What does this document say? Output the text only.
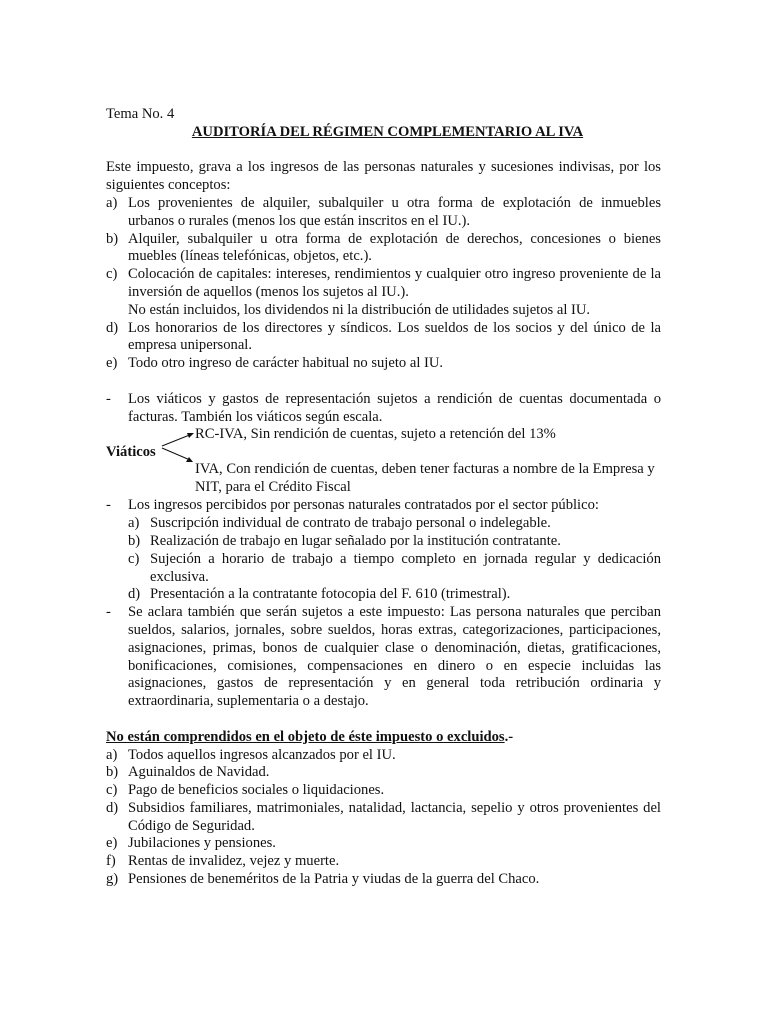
Tema No. 4
AUDITORÍA DEL RÉGIMEN COMPLEMENTARIO AL IVA
Este impuesto, grava a los ingresos de las personas naturales y sucesiones indivisas, por los siguientes conceptos:
a) Los provenientes de alquiler, subalquiler u otra forma de explotación de inmuebles urbanos o rurales (menos los que están inscritos en el IU.).
b) Alquiler, subalquiler u otra forma de explotación de derechos, concesiones o bienes muebles (líneas telefónicas, objetos, etc.).
c) Colocación de capitales: intereses, rendimientos y cualquier otro ingreso proveniente de la inversión de aquellos (menos los sujetos al IU.).
No están incluidos, los dividendos ni la distribución de utilidades sujetos al IU.
d) Los honorarios de los directores y síndicos. Los sueldos de los socios y del único de la empresa unipersonal.
e) Todo otro ingreso de carácter habitual no sujeto al IU.
-	Los viáticos y gastos de representación sujetos a rendición de cuentas documentada o facturas. También los viáticos según escala.
Viáticos
RC-IVA, Sin rendición de cuentas, sujeto a retención del 13%
IVA, Con rendición de cuentas, deben tener facturas a nombre de la Empresa y NIT, para el Crédito Fiscal
-	Los ingresos percibidos por personas naturales contratados por el sector público:
a) Suscripción individual de contrato de trabajo personal o indelegable.
b) Realización de trabajo en lugar señalado por la institución contratante.
c) Sujeción a horario de trabajo a tiempo completo en jornada regular y dedicación exclusiva.
d) Presentación a la contratante fotocopia del F. 610 (trimestral).
-	Se aclara también que serán sujetos a este impuesto: Las persona naturales que perciban sueldos, salarios, jornales, sobre sueldos, horas extras, categorizaciones, participaciones, asignaciones, primas, bonos de cualquier clase o denominación, dietas, gratificaciones, bonificaciones, comisiones, compensaciones en dinero o en especie incluidas las asignaciones, gastos de representación y en general toda retribución ordinaria y extraordinaria, suplementaria o a destajo.
No están comprendidos en el objeto de éste impuesto o excluidos.-
a) Todos aquellos ingresos alcanzados por el IU.
b) Aguinaldos de Navidad.
c) Pago de beneficios sociales o liquidaciones.
d) Subsidios familiares, matrimoniales, natalidad, lactancia, sepelio y otros provenientes del Código de Seguridad.
e) Jubilaciones y pensiones.
f) Rentas de invalidez, vejez y muerte.
g) Pensiones de beneméritos de la Patria y viudas de la guerra del Chaco.
